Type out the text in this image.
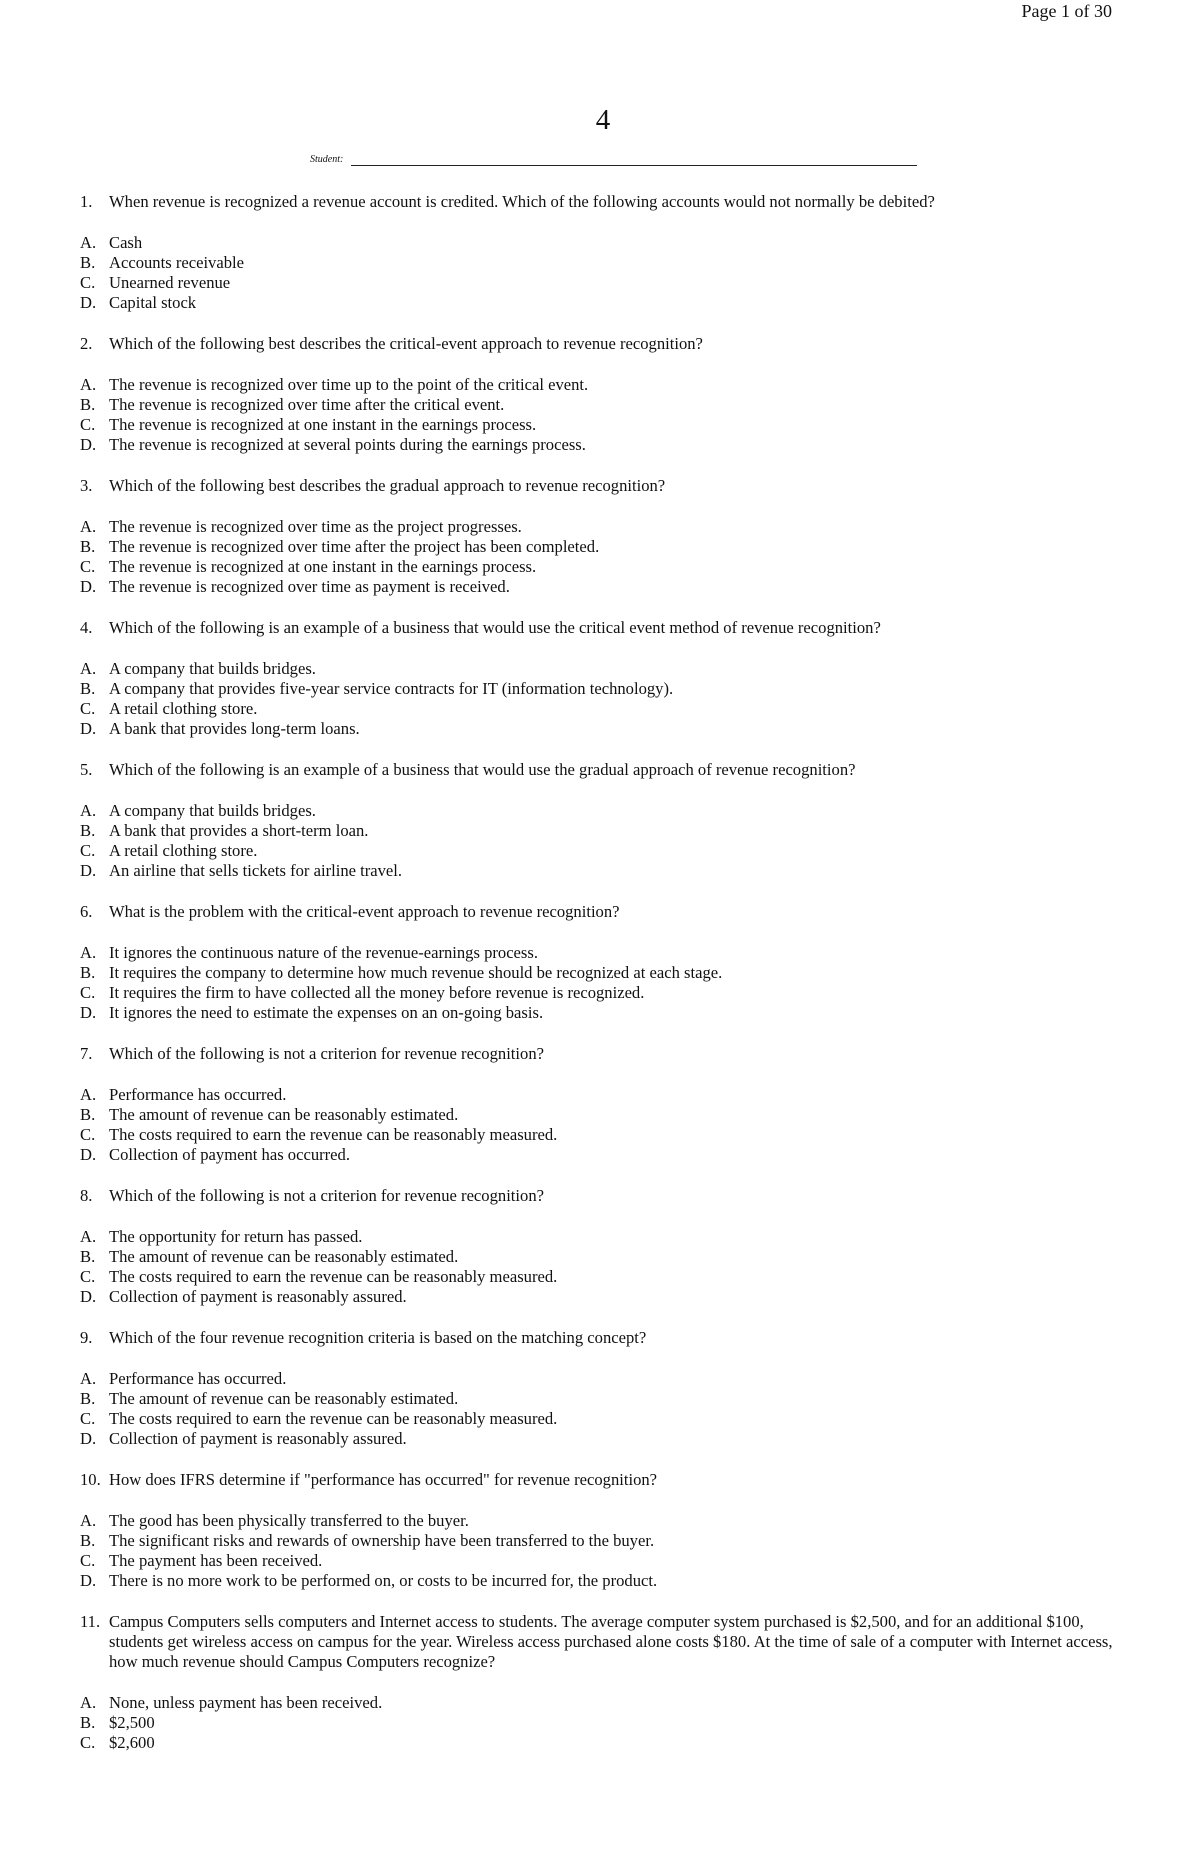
Page 1 of 30
4
Student:
1. When revenue is recognized a revenue account is credited. Which of the following accounts would not normally be debited?
A. Cash
B. Accounts receivable
C. Unearned revenue
D. Capital stock
2. Which of the following best describes the critical-event approach to revenue recognition?
A. The revenue is recognized over time up to the point of the critical event.
B. The revenue is recognized over time after the critical event.
C. The revenue is recognized at one instant in the earnings process.
D. The revenue is recognized at several points during the earnings process.
3. Which of the following best describes the gradual approach to revenue recognition?
A. The revenue is recognized over time as the project progresses.
B. The revenue is recognized over time after the project has been completed.
C. The revenue is recognized at one instant in the earnings process.
D. The revenue is recognized over time as payment is received.
4. Which of the following is an example of a business that would use the critical event method of revenue recognition?
A. A company that builds bridges.
B. A company that provides five-year service contracts for IT (information technology).
C. A retail clothing store.
D. A bank that provides long-term loans.
5. Which of the following is an example of a business that would use the gradual approach of revenue recognition?
A. A company that builds bridges.
B. A bank that provides a short-term loan.
C. A retail clothing store.
D. An airline that sells tickets for airline travel.
6. What is the problem with the critical-event approach to revenue recognition?
A. It ignores the continuous nature of the revenue-earnings process.
B. It requires the company to determine how much revenue should be recognized at each stage.
C. It requires the firm to have collected all the money before revenue is recognized.
D. It ignores the need to estimate the expenses on an on-going basis.
7. Which of the following is not a criterion for revenue recognition?
A. Performance has occurred.
B. The amount of revenue can be reasonably estimated.
C. The costs required to earn the revenue can be reasonably measured.
D. Collection of payment has occurred.
8. Which of the following is not a criterion for revenue recognition?
A. The opportunity for return has passed.
B. The amount of revenue can be reasonably estimated.
C. The costs required to earn the revenue can be reasonably measured.
D. Collection of payment is reasonably assured.
9. Which of the four revenue recognition criteria is based on the matching concept?
A. Performance has occurred.
B. The amount of revenue can be reasonably estimated.
C. The costs required to earn the revenue can be reasonably measured.
D. Collection of payment is reasonably assured.
10. How does IFRS determine if "performance has occurred" for revenue recognition?
A. The good has been physically transferred to the buyer.
B. The significant risks and rewards of ownership have been transferred to the buyer.
C. The payment has been received.
D. There is no more work to be performed on, or costs to be incurred for, the product.
11. Campus Computers sells computers and Internet access to students. The average computer system purchased is $2,500, and for an additional $100, students get wireless access on campus for the year. Wireless access purchased alone costs $180. At the time of sale of a computer with Internet access, how much revenue should Campus Computers recognize?
A. None, unless payment has been received.
B. $2,500
C. $2,600
